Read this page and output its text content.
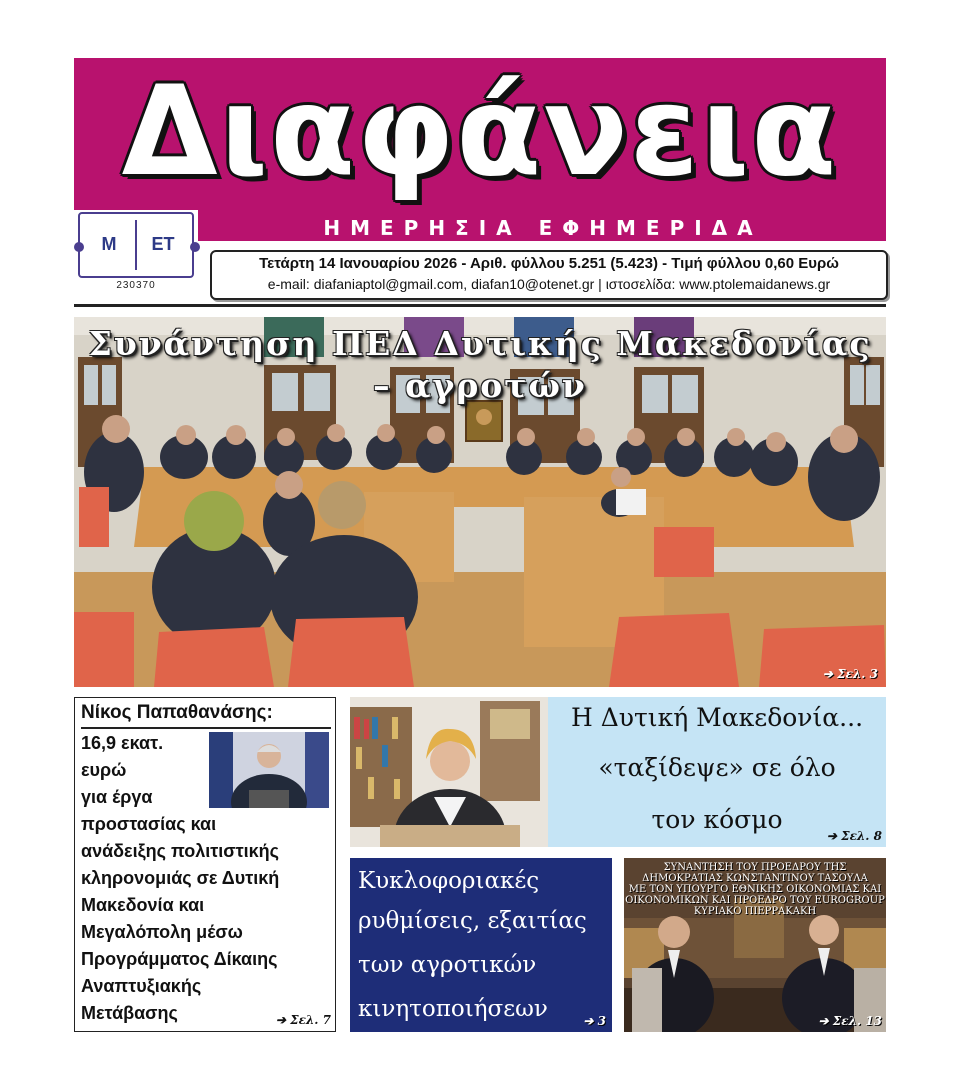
Διαφάνεια
ΗΜΕΡΗΣΙΑ ΕΦΗΜΕΡΙΔΑ
Μ	ΕΤ
230370
Τετάρτη 14 Ιανουαρίου 2026 - Αριθ. φύλλου 5.251 (5.423) - Τιμή φύλλου 0,60 Ευρώ
e-mail: diafaniaptol@gmail.com, diafan10@otenet.gr | ιστοσελίδα: www.ptolemaidanews.gr
Συνάντηση ΠΕΔ Δυτικής Μακεδονίας
– αγροτών
➔ Σελ. 3
Νίκος Παπαθανάσης:
16,9 εκατ.
ευρώ
για έργα
προστασίας και
ανάδειξης πολιτιστικής
κληρονομιάς σε Δυτική
Μακεδονία και
Μεγαλόπολη μέσω
Προγράμματος Δίκαιης
Αναπτυξιακής
Μετάβασης	➔ Σελ. 7
Η Δυτική Μακεδονία...
«ταξίδεψε» σε όλο
τον κόσμο
➔ Σελ. 8
Κυκλοφοριακές
ρυθμίσεις, εξαιτίας
των αγροτικών
κινητοποιήσεων	➔ 3
ΣΥΝΑΝΤΗΣΗ ΤΟΥ ΠΡΟΕΔΡΟΥ ΤΗΣ
ΔΗΜΟΚΡΑΤΙΑΣ ΚΩΝΣΤΑΝΤΙΝΟΥ ΤΑΣΟΥΛΑ
ΜΕ ΤΟΝ ΥΠΟΥΡΓΟ ΕΘΝΙΚΗΣ ΟΙΚΟΝΟΜΙΑΣ ΚΑΙ
ΟΙΚΟΝΟΜΙΚΩΝ ΚΑΙ ΠΡΟΕΔΡΟ ΤΟΥ EUROGROUP
ΚΥΡΙΑΚΟ ΠΙΕΡΡΑΚΑΚΗ
➔ Σελ. 13
